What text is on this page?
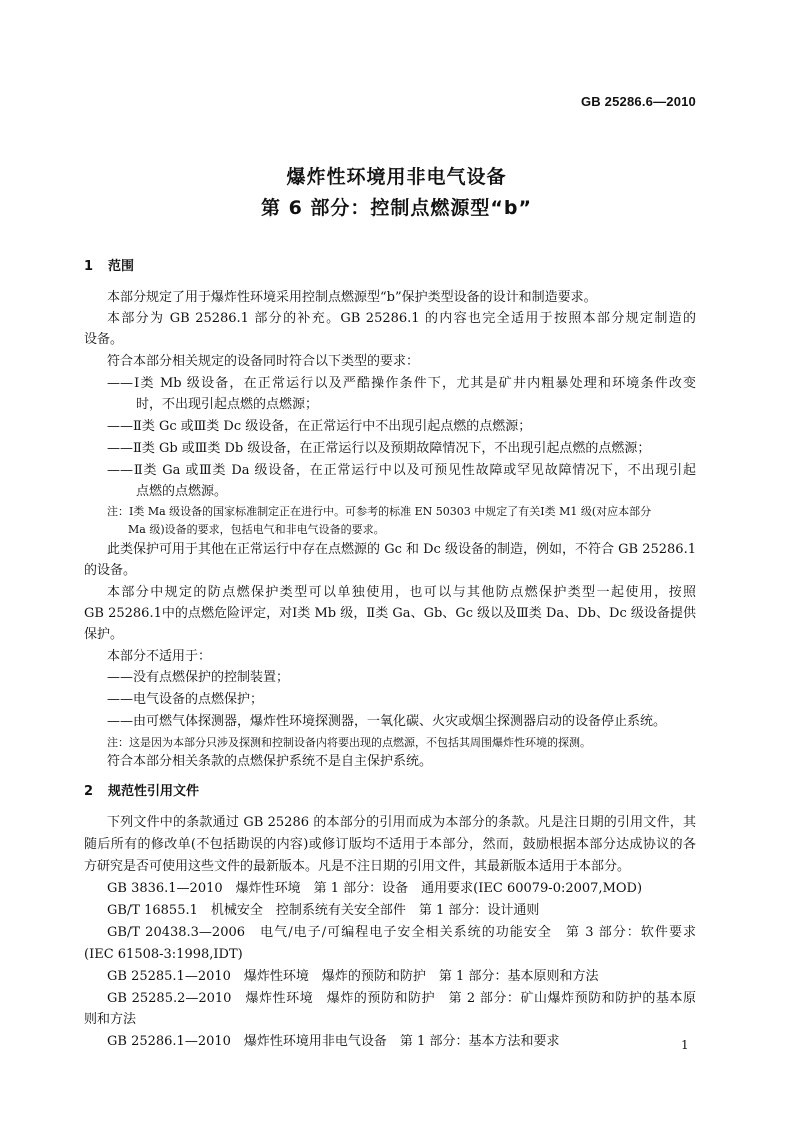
GB 25286.6—2010
爆炸性环境用非电气设备
第 6 部分：控制点燃源型“b”
1 范围
本部分规定了用于爆炸性环境采用控制点燃源型“b”保护类型设备的设计和制造要求。
本部分为 GB 25286.1 部分的补充。GB 25286.1 的内容也完全适用于按照本部分规定制造的
设备。
符合本部分相关规定的设备同时符合以下类型的要求：
——Ⅰ类 Mb 级设备，在正常运行以及严酷操作条件下，尤其是矿井内粗暴处理和环境条件改变
时，不出现引起点燃的点燃源；
——Ⅱ类 Gc 或Ⅲ类 Dc 级设备，在正常运行中不出现引起点燃的点燃源；
——Ⅱ类 Gb 或Ⅲ类 Db 级设备，在正常运行以及预期故障情况下，不出现引起点燃的点燃源；
——Ⅱ类 Ga 或Ⅲ类 Da 级设备，在正常运行中以及可预见性故障或罕见故障情况下，不出现引起
点燃的点燃源。
注：Ⅰ类 Ma 级设备的国家标准制定正在进行中。可参考的标准 EN 50303 中规定了有关Ⅰ类 M1 级(对应本部分
Ma 级)设备的要求，包括电气和非电气设备的要求。
此类保护可用于其他在正常运行中存在点燃源的 Gc 和 Dc 级设备的制造，例如，不符合 GB 25286.1
的设备。
本部分中规定的防点燃保护类型可以单独使用，也可以与其他防点燃保护类型一起使用，按照
GB 25286.1中的点燃危险评定，对Ⅰ类 Mb 级，Ⅱ类 Ga、Gb、Gc 级以及Ⅲ类 Da、Db、Dc 级设备提供
保护。
本部分不适用于：
——没有点燃保护的控制装置；
——电气设备的点燃保护；
——由可燃气体探测器，爆炸性环境探测器，一氧化碳、火灾或烟尘探测器启动的设备停止系统。
注：这是因为本部分只涉及探测和控制设备内将要出现的点燃源，不包括其周围爆炸性环境的探测。
符合本部分相关条款的点燃保护系统不是自主保护系统。
2 规范性引用文件
下列文件中的条款通过 GB 25286 的本部分的引用而成为本部分的条款。凡是注日期的引用文件，其
随后所有的修改单(不包括勘误的内容)或修订版均不适用于本部分，然而，鼓励根据本部分达成协议的各
方研究是否可使用这些文件的最新版本。凡是不注日期的引用文件，其最新版本适用于本部分。
GB 3836.1—2010　爆炸性环境　第 1 部分：设备　通用要求(IEC 60079-0:2007,MOD)
GB/T 16855.1　机械安全　控制系统有关安全部件　第 1 部分：设计通则
GB/T 20438.3—2006　电气/电子/可编程电子安全相关系统的功能安全　第 3 部分：软件要求
(IEC 61508-3:1998,IDT)
GB 25285.1—2010　爆炸性环境　爆炸的预防和防护　第 1 部分：基本原则和方法
GB 25285.2—2010　爆炸性环境　爆炸的预防和防护　第 2 部分：矿山爆炸预防和防护的基本原
则和方法
GB 25286.1—2010　爆炸性环境用非电气设备　第 1 部分：基本方法和要求	1
